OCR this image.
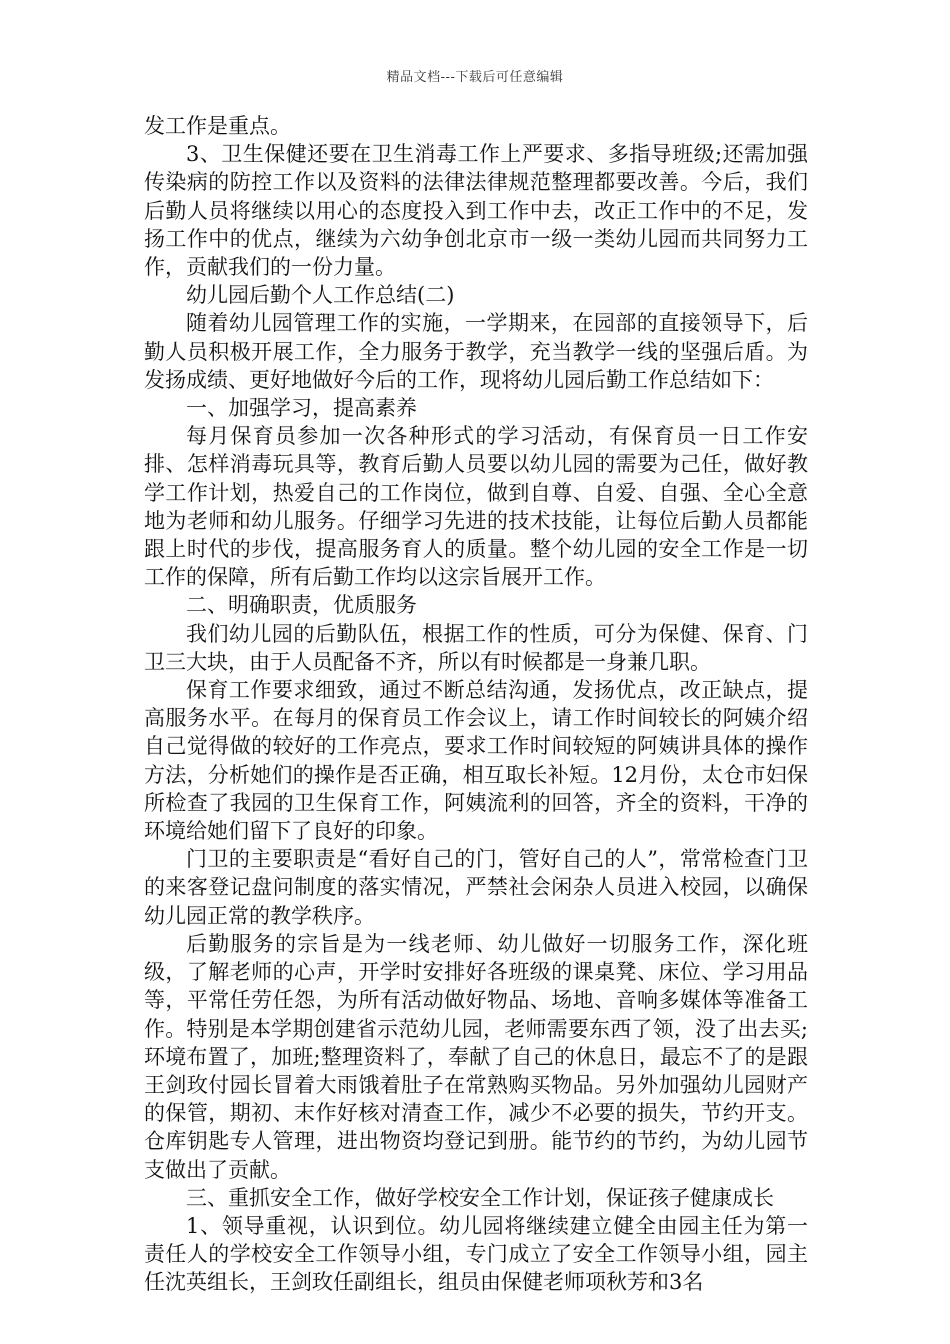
精品文档---下载后可任意编辑

发工作是重点。

3、卫生保健还要在卫生消毒工作上严要求、多指导班级;还需加强传染病的防控工作以及资料的法律法律规范整理都要改善。今后，我们后勤人员将继续以用心的态度投入到工作中去，改正工作中的不足，发扬工作中的优点，继续为六幼争创北京市一级一类幼儿园而共同努力工作，贡献我们的一份力量。

幼儿园后勤个人工作总结(二)

随着幼儿园管理工作的实施，一学期来，在园部的直接领导下，后勤人员积极开展工作，全力服务于教学，充当教学一线的坚强后盾。为发扬成绩、更好地做好今后的工作，现将幼儿园后勤工作总结如下：

一、加强学习，提高素养

每月保育员参加一次各种形式的学习活动，有保育员一日工作安排、怎样消毒玩具等，教育后勤人员要以幼儿园的需要为己任，做好教学工作计划，热爱自己的工作岗位，做到自尊、自爱、自强、全心全意地为老师和幼儿服务。仔细学习先进的技术技能，让每位后勤人员都能跟上时代的步伐，提高服务育人的质量。整个幼儿园的安全工作是一切工作的保障，所有后勤工作均以这宗旨展开工作。

二、明确职责，优质服务

我们幼儿园的后勤队伍，根据工作的性质，可分为保健、保育、门卫三大块，由于人员配备不齐，所以有时候都是一身兼几职。

保育工作要求细致，通过不断总结沟通，发扬优点，改正缺点，提高服务水平。在每月的保育员工作会议上，请工作时间较长的阿姨介绍自己觉得做的较好的工作亮点，要求工作时间较短的阿姨讲具体的操作方法，分析她们的操作是否正确，相互取长补短。12月份，太仓市妇保所检查了我园的卫生保育工作，阿姨流利的回答，齐全的资料，干净的环境给她们留下了良好的印象。

门卫的主要职责是“看好自己的门，管好自己的人”，常常检查门卫的来客登记盘问制度的落实情况，严禁社会闲杂人员进入校园，以确保幼儿园正常的教学秩序。

后勤服务的宗旨是为一线老师、幼儿做好一切服务工作，深化班级，了解老师的心声，开学时安排好各班级的课桌凳、床位、学习用品等，平常任劳任怨，为所有活动做好物品、场地、音响多媒体等准备工作。特别是本学期创建省示范幼儿园，老师需要东西了领，没了出去买;环境布置了，加班;整理资料了，奉献了自己的休息日，最忘不了的是跟王剑玫付园长冒着大雨饿着肚子在常熟购买物品。另外加强幼儿园财产的保管，期初、末作好核对清查工作，减少不必要的损失，节约开支。仓库钥匙专人管理，进出物资均登记到册。能节约的节约，为幼儿园节支做出了贡献。

三、重抓安全工作，做好学校安全工作计划，保证孩子健康成长

1、领导重视，认识到位。幼儿园将继续建立健全由园主任为第一责任人的学校安全工作领导小组，专门成立了安全工作领导小组，园主任沈英组长，王剑玫任副组长，组员由保健老师项秋芳和3名
